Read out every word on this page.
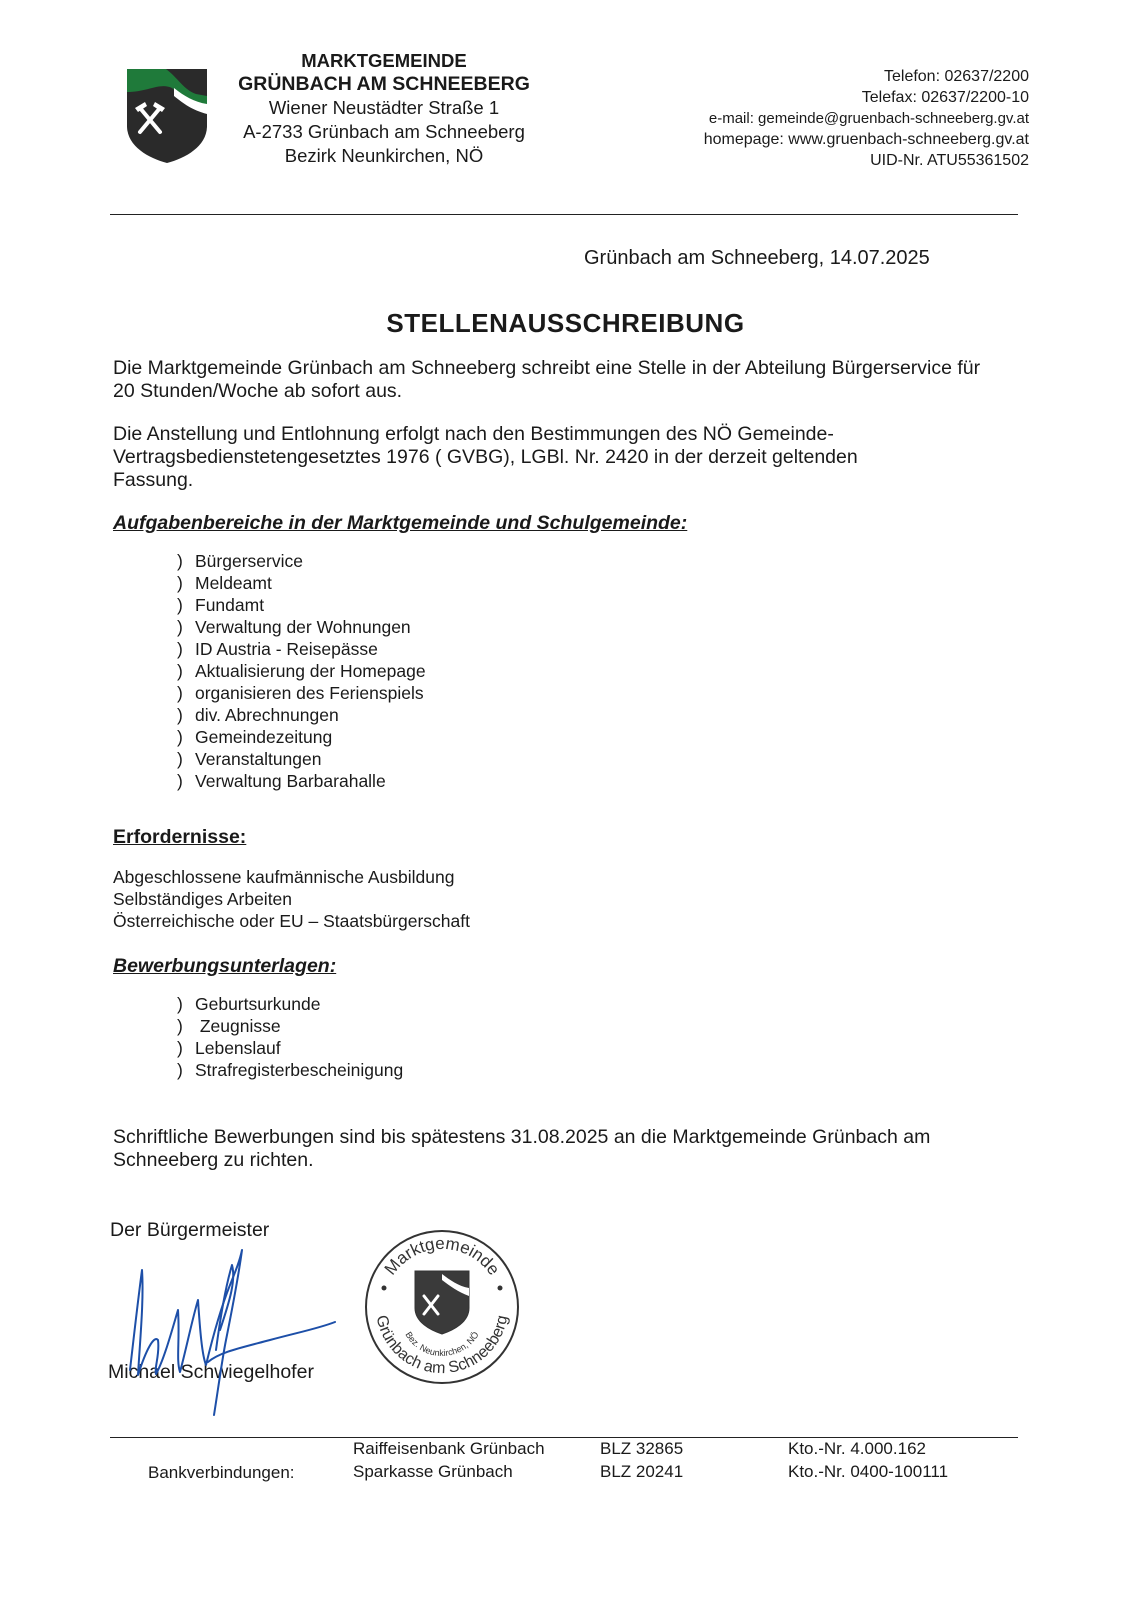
MARKTGEMEINDE
GRÜNBACH AM SCHNEEBERG
Wiener Neustädter Straße 1
A-2733 Grünbach am Schneeberg
Bezirk Neunkirchen, NÖ
Telefon: 02637/2200
Telefax: 02637/2200-10
e-mail: gemeinde@gruenbach-schneeberg.gv.at
homepage: www.gruenbach-schneeberg.gv.at
UID-Nr. ATU55361502
Grünbach am Schneeberg, 14.07.2025
STELLENAUSSCHREIBUNG
Die Marktgemeinde Grünbach am Schneeberg schreibt eine Stelle in der Abteilung Bürgerservice für 20 Stunden/Woche ab sofort aus.
Die Anstellung und Entlohnung erfolgt nach den Bestimmungen des NÖ Gemeinde-Vertragsbedienstetengesetztes 1976 ( GVBG), LGBl. Nr. 2420 in der derzeit geltenden Fassung.
Aufgabenbereiche in der Marktgemeinde und Schulgemeinde:
) Bürgerservice
) Meldeamt
) Fundamt
) Verwaltung der Wohnungen
) ID Austria - Reisepässe
) Aktualisierung der Homepage
) organisieren des Ferienspiels
) div. Abrechnungen
) Gemeindezeitung
) Veranstaltungen
) Verwaltung Barbarahalle
Erfordernisse:
Abgeschlossene kaufmännische Ausbildung
Selbständiges Arbeiten
Österreichische oder EU – Staatsbürgerschaft
Bewerbungsunterlagen:
) Geburtsurkunde
) Zeugnisse
) Lebenslauf
) Strafregisterbescheinigung
Schriftliche Bewerbungen sind bis spätestens 31.08.2025 an die Marktgemeinde Grünbach am Schneeberg zu richten.
Der Bürgermeister
Michael Schwiegelhofer
Marktgemeinde
Grünbach am Schneeberg
Bez. Neunkirchen, NÖ
Bankverbindungen:
Raiffeisenbank Grünbach
Sparkasse Grünbach
BLZ 32865
BLZ 20241
Kto.-Nr. 4.000.162
Kto.-Nr. 0400-100111
